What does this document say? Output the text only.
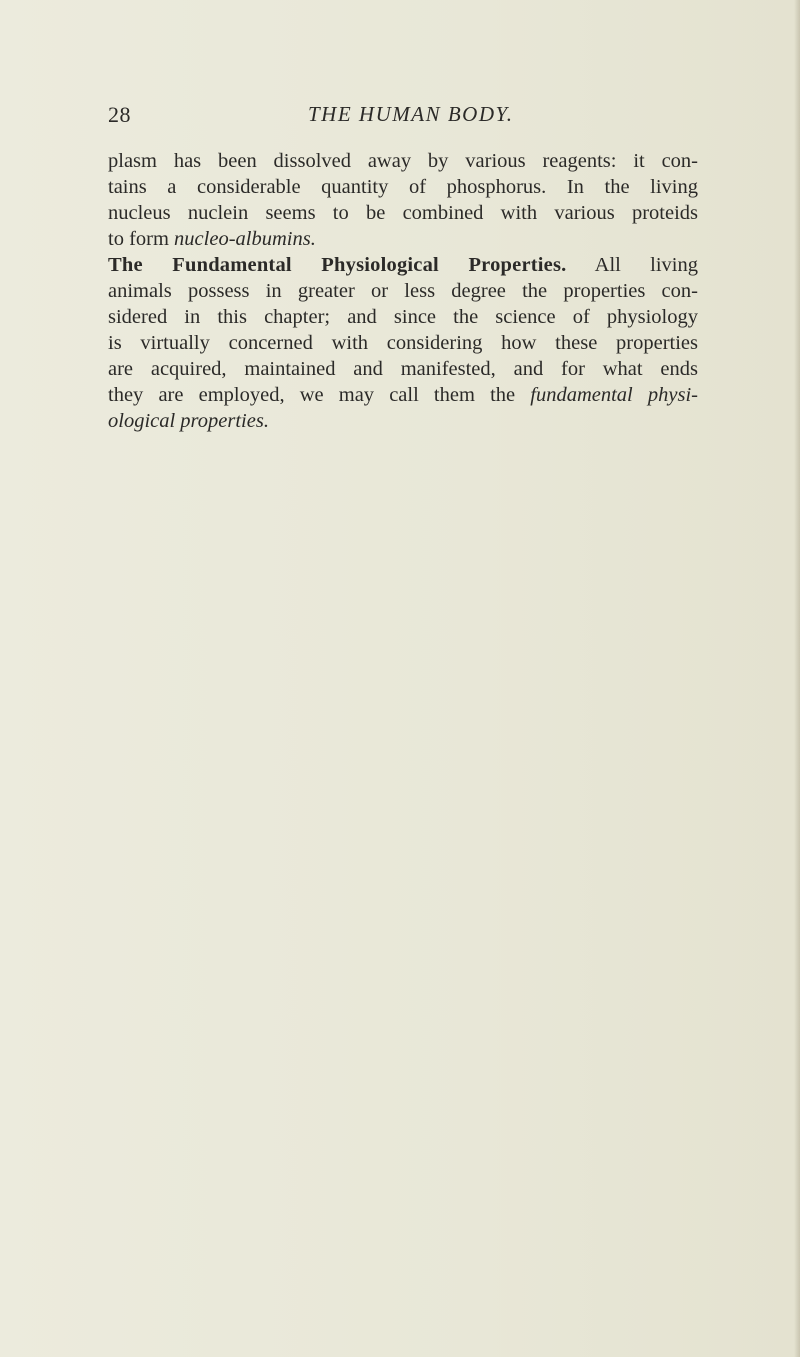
28	THE HUMAN BODY.
plasm has been dissolved away by various reagents: it con-
tains a considerable quantity of phosphorus. In the living
nucleus nuclein seems to be combined with various proteids
to form nucleo-albumins.
The Fundamental Physiological Properties. All living
animals possess in greater or less degree the properties con-
sidered in this chapter; and since the science of physiology
is virtually concerned with considering how these properties
are acquired, maintained and manifested, and for what ends
they are employed, we may call them the fundamental physi-
ological properties.
